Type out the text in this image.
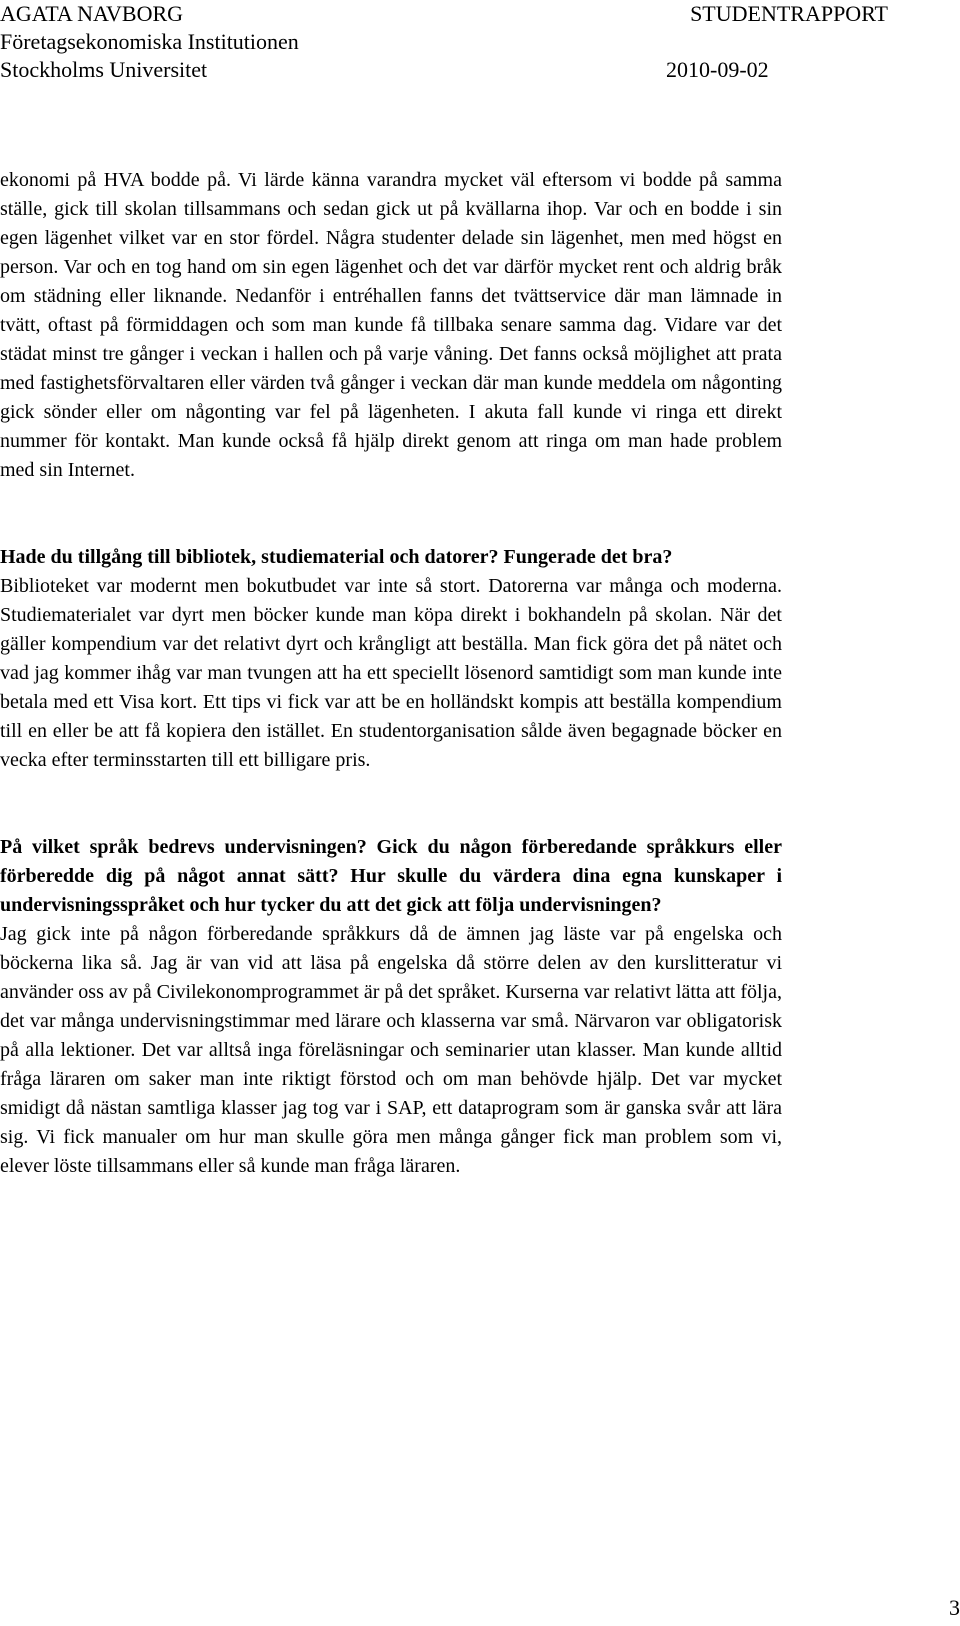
AGATA NAVBORG	STUDENTRAPPORT
Företagsekonomiska Institutionen
Stockholms Universitet	2010-09-02

ekonomi på HVA bodde på. Vi lärde känna varandra mycket väl eftersom vi bodde på samma ställe, gick till skolan tillsammans och sedan gick ut på kvällarna ihop. Var och en bodde i sin egen lägenhet vilket var en stor fördel. Några studenter delade sin lägenhet, men med högst en person. Var och en tog hand om sin egen lägenhet och det var därför mycket rent och aldrig bråk om städning eller liknande. Nedanför i entréhallen fanns det tvättservice där man lämnade in tvätt, oftast på förmiddagen och som man kunde få tillbaka senare samma dag. Vidare var det städat minst tre gånger i veckan i hallen och på varje våning. Det fanns också möjlighet att prata med fastighetsförvaltaren eller värden två gånger i veckan där man kunde meddela om någonting gick sönder eller om någonting var fel på lägenheten. I akuta fall kunde vi ringa ett direkt nummer för kontakt. Man kunde också få hjälp direkt genom att ringa om man hade problem med sin Internet.

Hade du tillgång till bibliotek, studiematerial och datorer? Fungerade det bra?

Biblioteket var modernt men bokutbudet var inte så stort. Datorerna var många och moderna. Studiematerialet var dyrt men böcker kunde man köpa direkt i bokhandeln på skolan. När det gäller kompendium var det relativt dyrt och krångligt att beställa. Man fick göra det på nätet och vad jag kommer ihåg var man tvungen att ha ett speciellt lösenord samtidigt som man kunde inte betala med ett Visa kort. Ett tips vi fick var att be en holländskt kompis att beställa kompendium till en eller be att få kopiera den istället. En studentorganisation sålde även begagnade böcker en vecka efter terminsstarten till ett billigare pris.

På vilket språk bedrevs undervisningen? Gick du någon förberedande språkkurs eller förberedde dig på något annat sätt? Hur skulle du värdera dina egna kunskaper i undervisningsspråket och hur tycker du att det gick att följa undervisningen?

Jag gick inte på någon förberedande språkkurs då de ämnen jag läste var på engelska och böckerna lika så. Jag är van vid att läsa på engelska då större delen av den kurslitteratur vi använder oss av på Civilekonomprogrammet är på det språket. Kurserna var relativt lätta att följa, det var många undervisningstimmar med lärare och klasserna var små. Närvaron var obligatorisk på alla lektioner. Det var alltså inga föreläsningar och seminarier utan klasser. Man kunde alltid fråga läraren om saker man inte riktigt förstod och om man behövde hjälp. Det var mycket smidigt då nästan samtliga klasser jag tog var i SAP, ett dataprogram som är ganska svår att lära sig. Vi fick manualer om hur man skulle göra men många gånger fick man problem som vi, elever löste tillsammans eller så kunde man fråga läraren.

3
